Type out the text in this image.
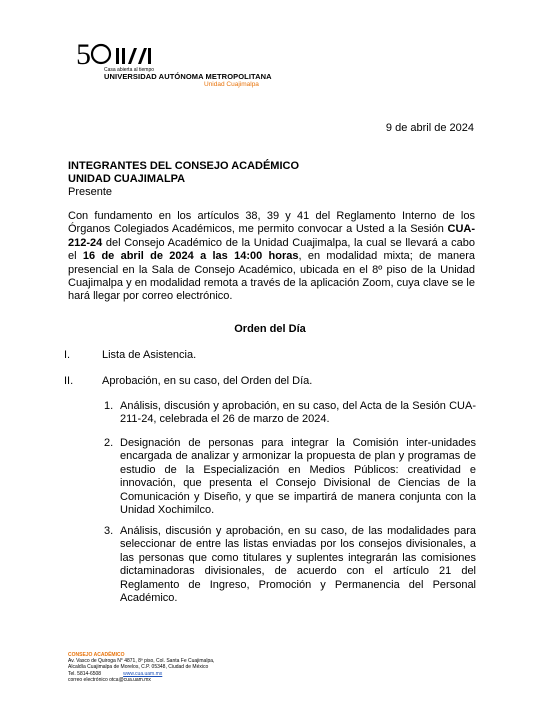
5	Casa abierta al tiempo
UNIVERSIDAD AUTÓNOMA METROPOLITANA
Unidad Cuajimalpa
9 de abril de 2024
INTEGRANTES DEL CONSEJO ACADÉMICO
UNIDAD CUAJIMALPA
Presente
Con fundamento en los artículos 38, 39 y 41 del Reglamento Interno de los Órganos Colegiados Académicos, me permito convocar a Usted a la Sesión CUA-212-24 del Consejo Académico de la Unidad Cuajimalpa, la cual se llevará a cabo el 16 de abril de 2024 a las 14:00 horas, en modalidad mixta; de manera presencial en la Sala de Consejo Académico, ubicada en el 8º piso de la Unidad Cuajimalpa y en modalidad remota a través de la aplicación Zoom, cuya clave se le hará llegar por correo electrónico.
Orden del Día
I.	Lista de Asistencia.
II.	Aprobación, en su caso, del Orden del Día.
1. Análisis, discusión y aprobación, en su caso, del Acta de la Sesión CUA-211-24, celebrada el 26 de marzo de 2024.
2. Designación de personas para integrar la Comisión inter-unidades encargada de analizar y armonizar la propuesta de plan y programas de estudio de la Especialización en Medios Públicos: creatividad e innovación, que presenta el Consejo Divisional de Ciencias de la Comunicación y Diseño, y que se impartirá de manera conjunta con la Unidad Xochimilco.
3. Análisis, discusión y aprobación, en su caso, de las modalidades para seleccionar de entre las listas enviadas por los consejos divisionales, a las personas que como titulares y suplentes integrarán las comisiones dictaminadoras divisionales, de acuerdo con el artículo 21 del Reglamento de Ingreso, Promoción y Permanencia del Personal Académico.
CONSEJO ACADÉMICO
Av. Vasco de Quiroga N° 4871, 8º piso, Col. Santa Fe Cuajimalpa,
Alcaldía Cuajimalpa de Morelos, C.P. 05348, Ciudad de México
Tel. 5814-6508	www.cua.uam.mx
correo electrónico otca@cua.uam.mx
